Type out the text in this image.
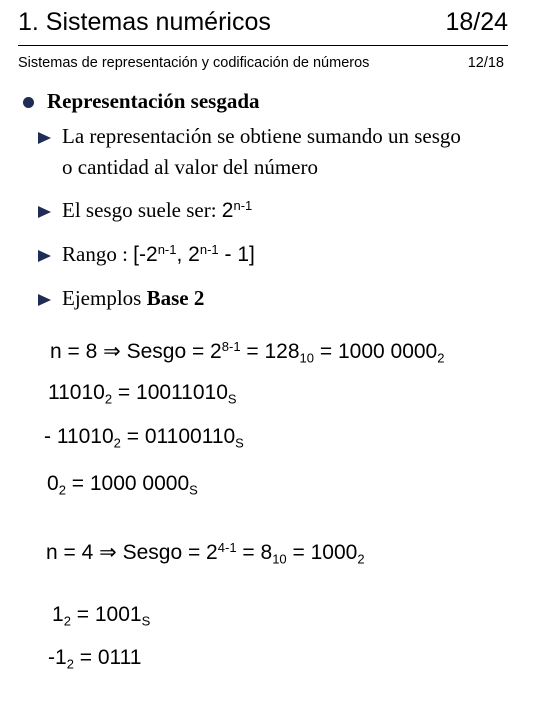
1. Sistemas numéricos	18/24
Sistemas de representación y codificación de números	12/18
Representación sesgada
La representación se obtiene sumando un sesgo
o cantidad al valor del número
El sesgo suele ser: 2$^{n-1}$
Rango : [-2$^{n-1}$, 2$^{n-1}$ - 1]
Ejemplos Base 2
n = 8 ⇒ Sesgo = $2^{8-1} = 128_{10} = 1000$ $0000_2$
$11010_2 = 10011010_S$
- $11010_2 = 01100110_S$
$0_2 = 1000$ $0000_S$
n = 4 ⇒ Sesgo = $2^{4-1} = 8_{10} = 1000_2$
$1_2 = 1001_S$
$-1_2 = 0111$
